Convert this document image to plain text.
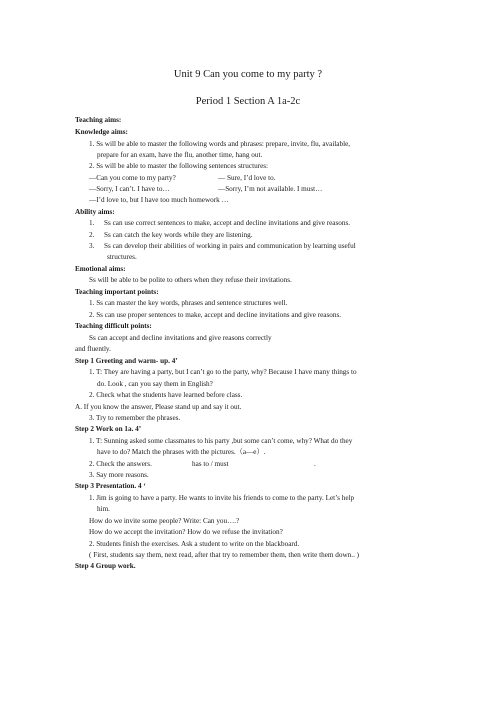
Unit 9 Can you come to my party ?
Period 1 Section A 1a-2c
Teaching aims:
Knowledge aims:
1. Ss will be able to master the following words and phrases: prepare, invite, flu, available,
prepare for an exam, have the flu, another time, hang out.
2. Ss will be able to master the following sentences structures:
—Can you come to my party?	— Sure, I’d love to.
—Sorry, I can’t. I have to…	—Sorry, I’m not available. I must…
—I’d love to, but I have too much homework …
Ability aims:
1. Ss can use correct sentences to make, accept and decline invitations and give reasons.
2. Ss can catch the key words while they are listening.
3. Ss can develop their abilities of working in pairs and communication by learning useful
structures.
Emotional aims:
Ss will be able to be polite to others when they refuse their invitations.
Teaching important points:
1. Ss can master the key words, phrases and sentence structures well.
2. Ss can use proper sentences to make, accept and decline invitations and give reasons.
Teaching difficult points:
Ss can accept and decline invitations and give reasons correctly
and fluently.
Step 1 Greeting and warm- up. 4’
1. T: They are having a party, but I can’t go to the party, why? Because I have many things to
do. Look , can you say them in English?
2. Check what the students have learned before class.
A. If you know the answer, Please stand up and say it out.
3. Try to remember the phrases.
Step 2 Work on 1a. 4’
1. T: Sunning asked some classmates to his party ,but some can’t come, why? What do they
have to do? Match the phrases with the pictures.（a—e）.
2. Check the answers.	has to / must	.
3. Say more reasons.
Step 3 Presentation. 4 ‘
1. Jim is going to have a party. He wants to invite his friends to come to the party. Let’s help
him.
How do we invite some people? Write: Can you….?
How do we accept the invitation? How do we refuse the invitation?
2. Students finish the exercises. Ask a student to write on the blackboard.
( First, students say them, next read, after that try to remember them, then write them down.. )
Step 4 Group work.
